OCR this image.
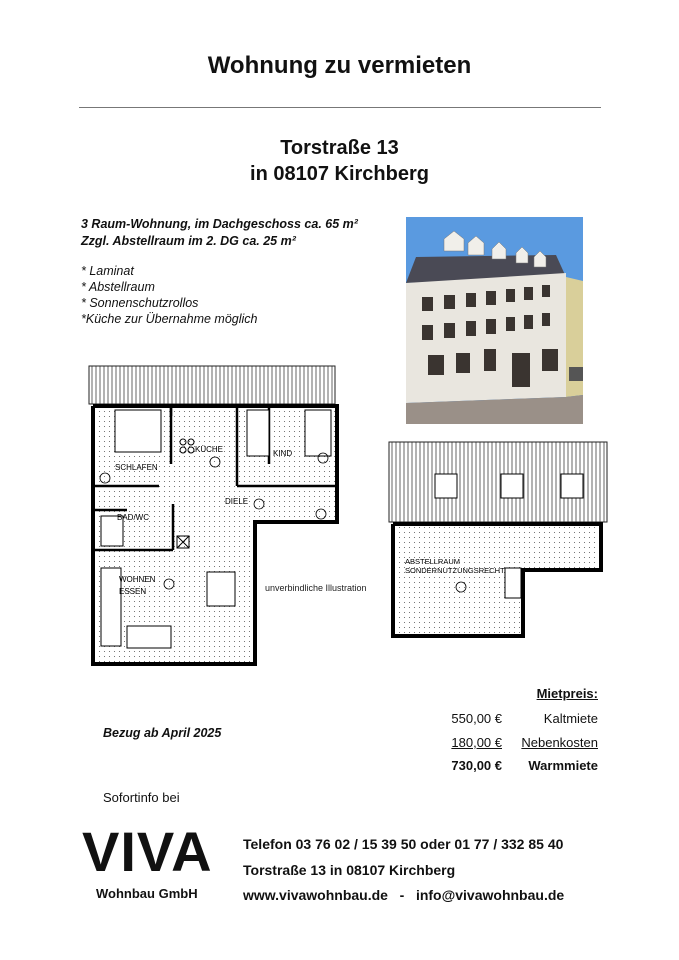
Wohnung zu vermieten
Torstraße 13
in 08107 Kirchberg
3 Raum-Wohnung, im Dachgeschoss ca. 65 m²
Zzgl. Abstellraum im 2. DG ca. 25 m²
* Laminat
* Abstellraum
* Sonnenschutzrollos
*Küche zur Übernahme möglich
SCHLAFEN
KÜCHE	KIND
DIELE
BAD/WC
WOHNEN
ESSEN	unverbindliche Illustration
ABSTELLRAUM
SONDERNUTZUNGSRECHT
Bezug ab April 2025
Mietpreis:
550,00 €	Kaltmiete
180,00 €	Nebenkosten
730,00 €	Warmmiete
Sofortinfo bei
VIVA
Wohnbau GmbH
Telefon 03 76 02 / 15 39 50 oder 01 77 / 332 85 40
Torstraße 13 in 08107 Kirchberg
www.vivawohnbau.de   -   info@vivawohnbau.de
